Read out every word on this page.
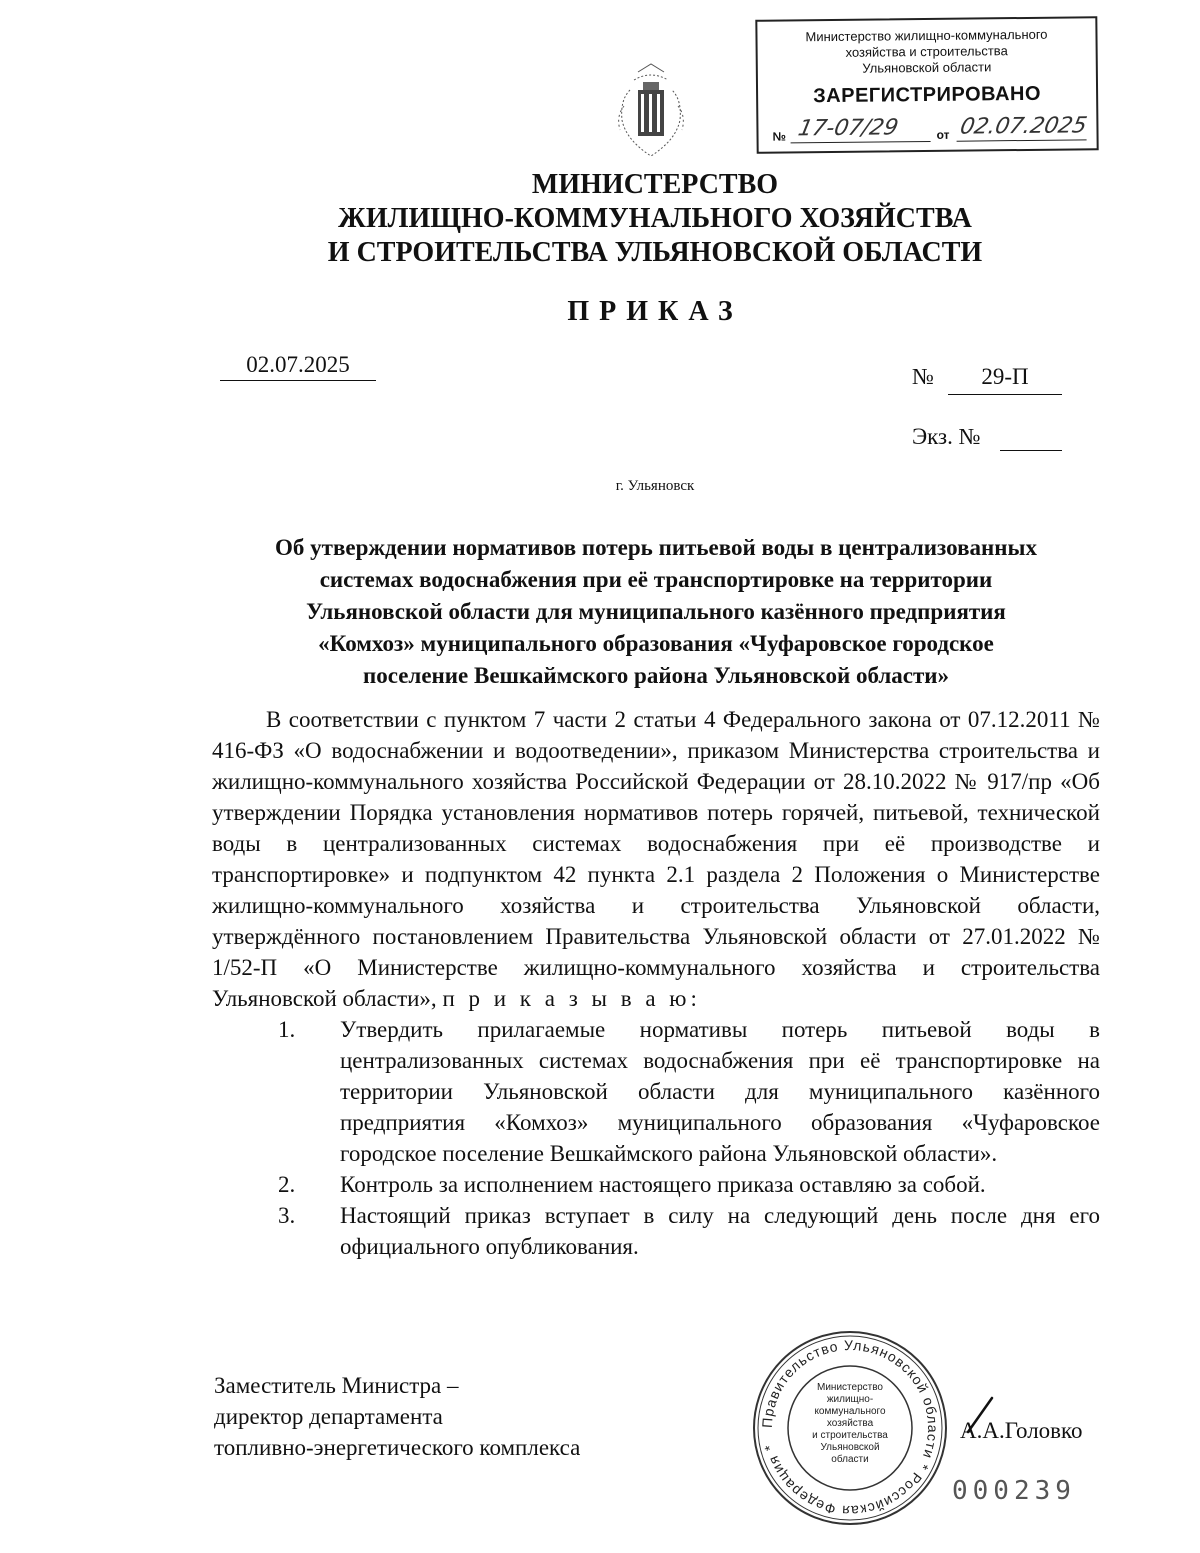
Министерство жилищно-коммунального
хозяйства и строительства
Ульяновской области
ЗАРЕГИСТРИРОВАНО
№ 17-07/29	от 02.07.2025
МИНИСТЕРСТВО
ЖИЛИЩНО-КОММУНАЛЬНОГО ХОЗЯЙСТВА
И СТРОИТЕЛЬСТВА УЛЬЯНОВСКОЙ ОБЛАСТИ
ПРИКАЗ
02.07.2025	№	29-П
Экз. №
г. Ульяновск
Об утверждении нормативов потерь питьевой воды в централизованных
системах водоснабжения при её транспортировке на территории
Ульяновской области для муниципального казённого предприятия
«Комхоз» муниципального образования «Чуфаровское городское
поселение Вешкаймского района Ульяновской области»

В соответствии с пунктом 7 части 2 статьи 4 Федерального закона от 07.12.2011 № 416-ФЗ «О водоснабжении и водоотведении», приказом Министерства строительства и жилищно-коммунального хозяйства Российской Федерации от 28.10.2022 № 917/пр «Об утверждении Порядка установления нормативов потерь горячей, питьевой, технической воды в централизованных системах водоснабжения при её производстве и транспортировке» и подпунктом 42 пункта 2.1 раздела 2 Положения о Министерстве жилищно-коммунального хозяйства и строительства Ульяновской области, утверждённого постановлением Правительства Ульяновской области от 27.01.2022 № 1/52-П «О Министерстве жилищно-коммунального хозяйства и строительства Ульяновской области», п р и к а з ы в а ю:

1.	Утвердить прилагаемые нормативы потерь питьевой воды в централизованных системах водоснабжения при её транспортировке на территории Ульяновской области для муниципального казённого предприятия «Комхоз» муниципального образования «Чуфаровское городское поселение Вешкаймского района Ульяновской области».
2.	Контроль за исполнением настоящего приказа оставляю за собой.
3.	Настоящий приказ вступает в силу на следующий день после дня его официального опубликования.
Заместитель Министра –
директор департамента
топливно-энергетического комплекса
Правительство Ульяновской области * Российская Федерация *
Министерство
жилищно-коммунального
хозяйства
и строительства
Ульяновской
области
А.А.Головко
000239
